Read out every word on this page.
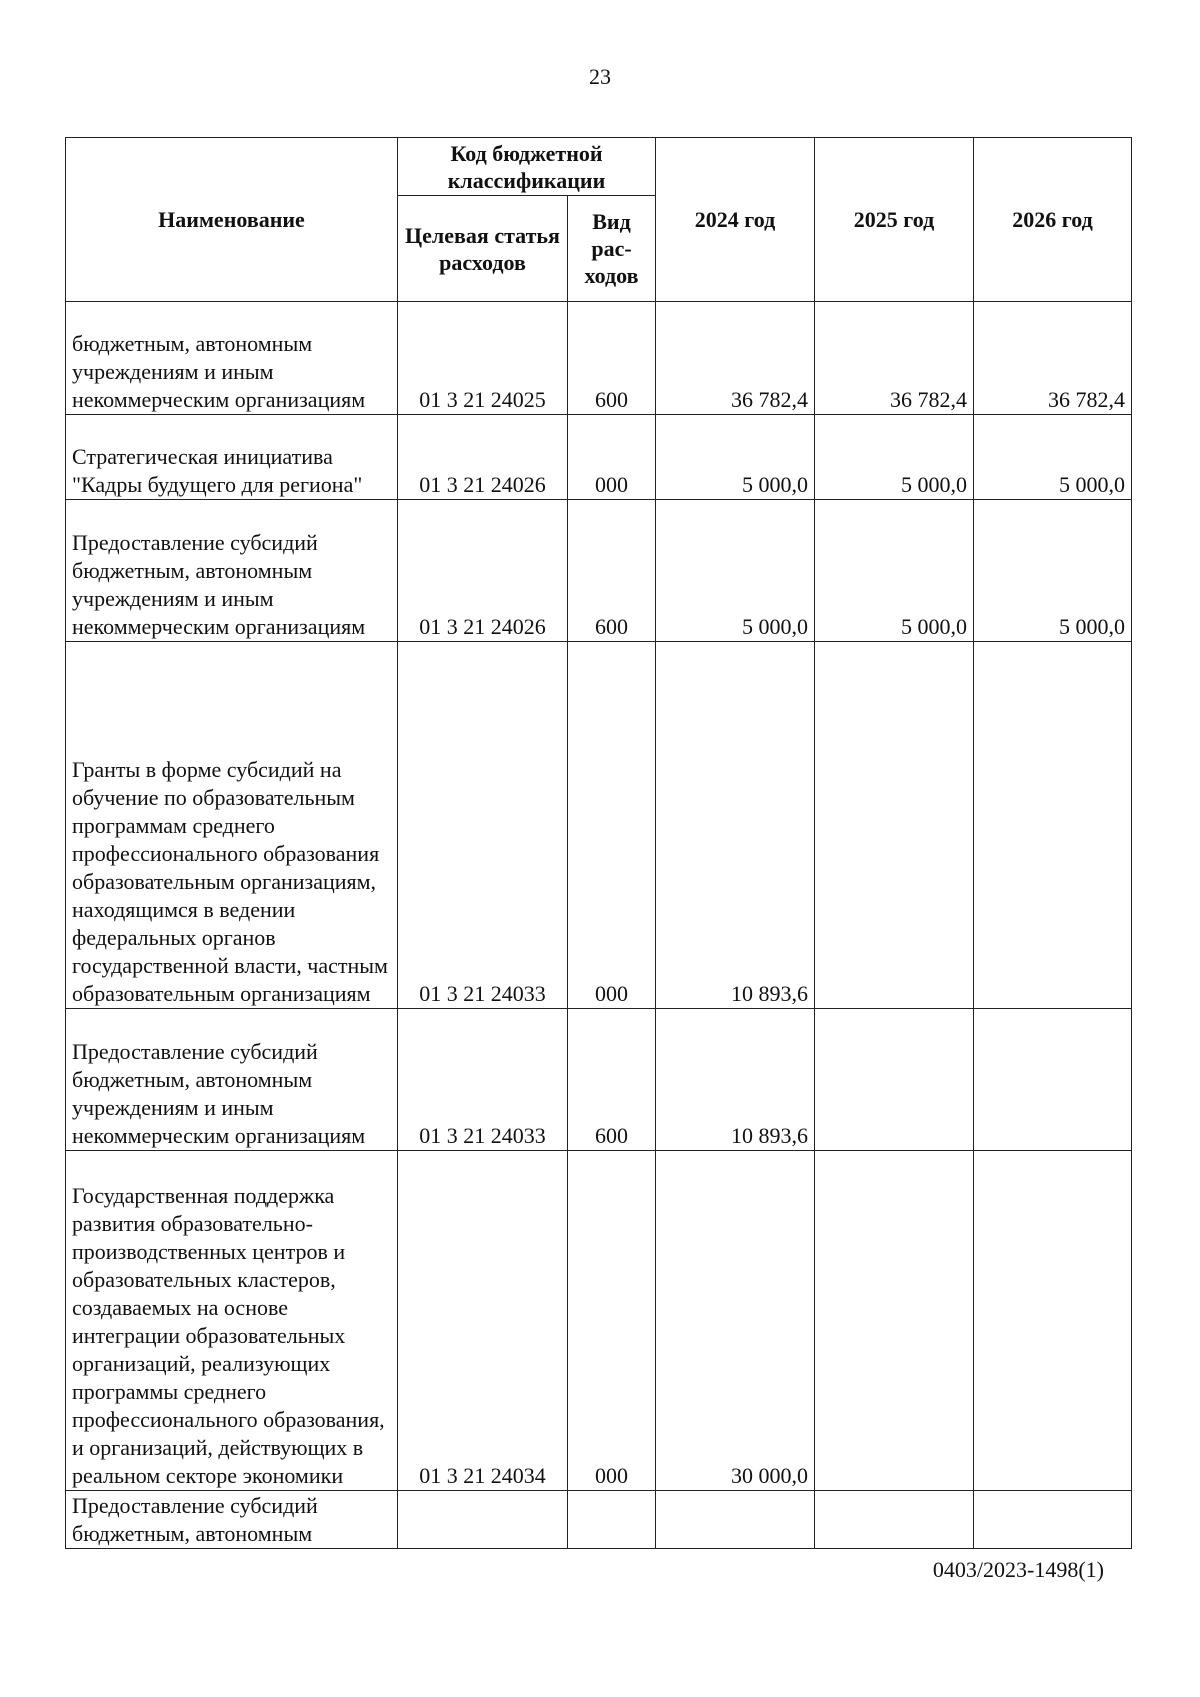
23
Наименование	Код бюджетной классификации		2024 год	2025 год	2026 год
	Целевая статья расходов	Вид рас-ходов			
бюджетным, автономным учреждениям и иным некоммерческим организациям	01 3 21 24025	600	36 782,4	36 782,4	36 782,4
Стратегическая инициатива "Кадры будущего для региона"	01 3 21 24026	000	5 000,0	5 000,0	5 000,0
Предоставление субсидий бюджетным, автономным учреждениям и иным некоммерческим организациям	01 3 21 24026	600	5 000,0	5 000,0	5 000,0
Гранты в форме субсидий на обучение по образовательным программам среднего профессионального образования образовательным организациям, находящимся в ведении федеральных органов государственной власти, частным образовательным организациям	01 3 21 24033	000	10 893,6		
Предоставление субсидий бюджетным, автономным учреждениям и иным некоммерческим организациям	01 3 21 24033	600	10 893,6		
Государственная поддержка развития образовательно-производственных центров и образовательных кластеров, создаваемых на основе интеграции образовательных организаций, реализующих программы среднего профессионального образования, и организаций, действующих в реальном секторе экономики	01 3 21 24034	000	30 000,0		
Предоставление субсидий бюджетным, автономным					
0403/2023-1498(1)
